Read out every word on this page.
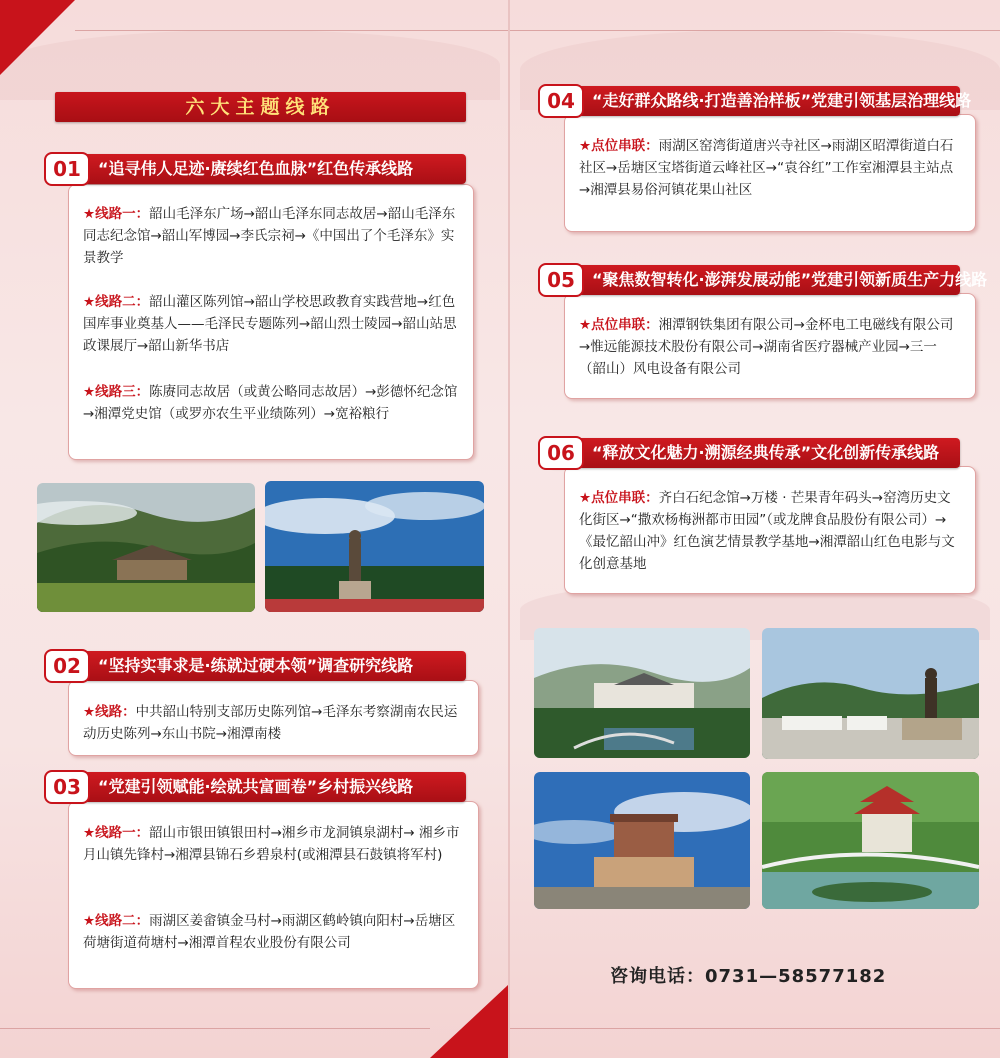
六大主题线路
★线路一：韶山毛泽东广场→韶山毛泽东同志故居→韶山毛泽东同志纪念馆→韶山军博园→李氏宗祠→《中国出了个毛泽东》实景教学
★线路二：韶山灌区陈列馆→韶山学校思政教育实践营地→红色国库事业奠基人——毛泽民专题陈列→韶山烈士陵园→韶山站思政课展厅→韶山新华书店
★线路三：陈赓同志故居（或黄公略同志故居）→彭德怀纪念馆→湘潭党史馆（或罗亦农生平业绩陈列）→宽裕粮行
01	“追寻伟人足迹·赓续红色血脉”红色传承线路
★线路：中共韶山特别支部历史陈列馆→毛泽东考察湖南农民运动历史陈列→东山书院→湘潭南楼
02	“坚持实事求是·练就过硬本领”调查研究线路
★线路一：韶山市银田镇银田村→湘乡市龙洞镇泉湖村→ 湘乡市月山镇先锋村→湘潭县锦石乡碧泉村(或湘潭县石鼓镇将军村)
★线路二：雨湖区姜畲镇金马村→雨湖区鹤岭镇向阳村→岳塘区荷塘街道荷塘村→湘潭首程农业股份有限公司
03	“党建引领赋能·绘就共富画卷”乡村振兴线路
★点位串联：雨湖区窑湾街道唐兴寺社区→雨湖区昭潭街道白石社区→岳塘区宝塔街道云峰社区→“袁谷红”工作室湘潭县主站点→湘潭县易俗河镇花果山社区
04	“走好群众路线·打造善治样板”党建引领基层治理线路
★点位串联：湘潭钢铁集团有限公司→金杯电工电磁线有限公司→惟远能源技术股份有限公司→湖南省医疗器械产业园→三一（韶山）风电设备有限公司
05	“聚焦数智转化·澎湃发展动能”党建引领新质生产力线路
★点位串联：齐白石纪念馆→万楼 · 芒果青年码头→窑湾历史文化街区→“撒欢杨梅洲都市田园”（或龙牌食品股份有限公司）→《最忆韶山冲》红色演艺情景教学基地→湘潭韶山红色电影与文化创意基地
06	“释放文化魅力·溯源经典传承”文化创新传承线路
咨询电话：0731—58577182
